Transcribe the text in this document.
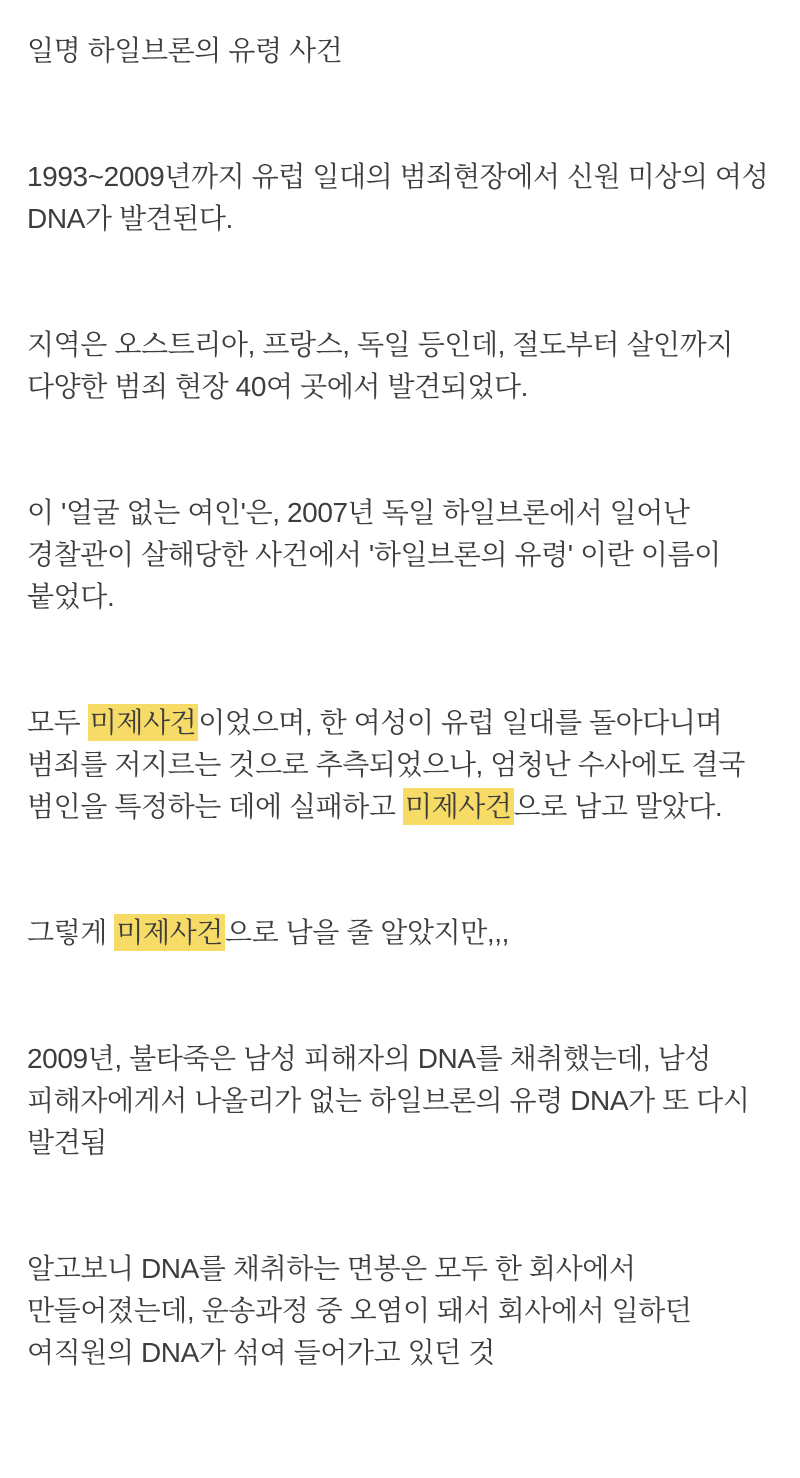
일명 하일브론의 유령 사건

1993~2009년까지 유럽 일대의 범죄현장에서 신원 미상의 여성 DNA가 발견된다.

지역은 오스트리아, 프랑스, 독일 등인데, 절도부터 살인까지 다양한 범죄 현장 40여 곳에서 발견되었다.

이 '얼굴 없는 여인'은, 2007년 독일 하일브론에서 일어난 경찰관이 살해당한 사건에서 '하일브론의 유령' 이란 이름이 붙었다.

모두 미제사건이었으며, 한 여성이 유럽 일대를 돌아다니며 범죄를 저지르는 것으로 추측되었으나, 엄청난 수사에도 결국 범인을 특정하는 데에 실패하고 미제사건으로 남고 말았다.

그렇게 미제사건으로 남을 줄 알았지만,,,

2009년, 불타죽은 남성 피해자의 DNA를 채취했는데, 남성 피해자에게서 나올리가 없는 하일브론의 유령 DNA가 또 다시 발견됨

알고보니 DNA를 채취하는 면봉은 모두 한 회사에서 만들어졌는데, 운송과정 중 오염이 돼서 회사에서 일하던 여직원의 DNA가 섞여 들어가고 있던 것
